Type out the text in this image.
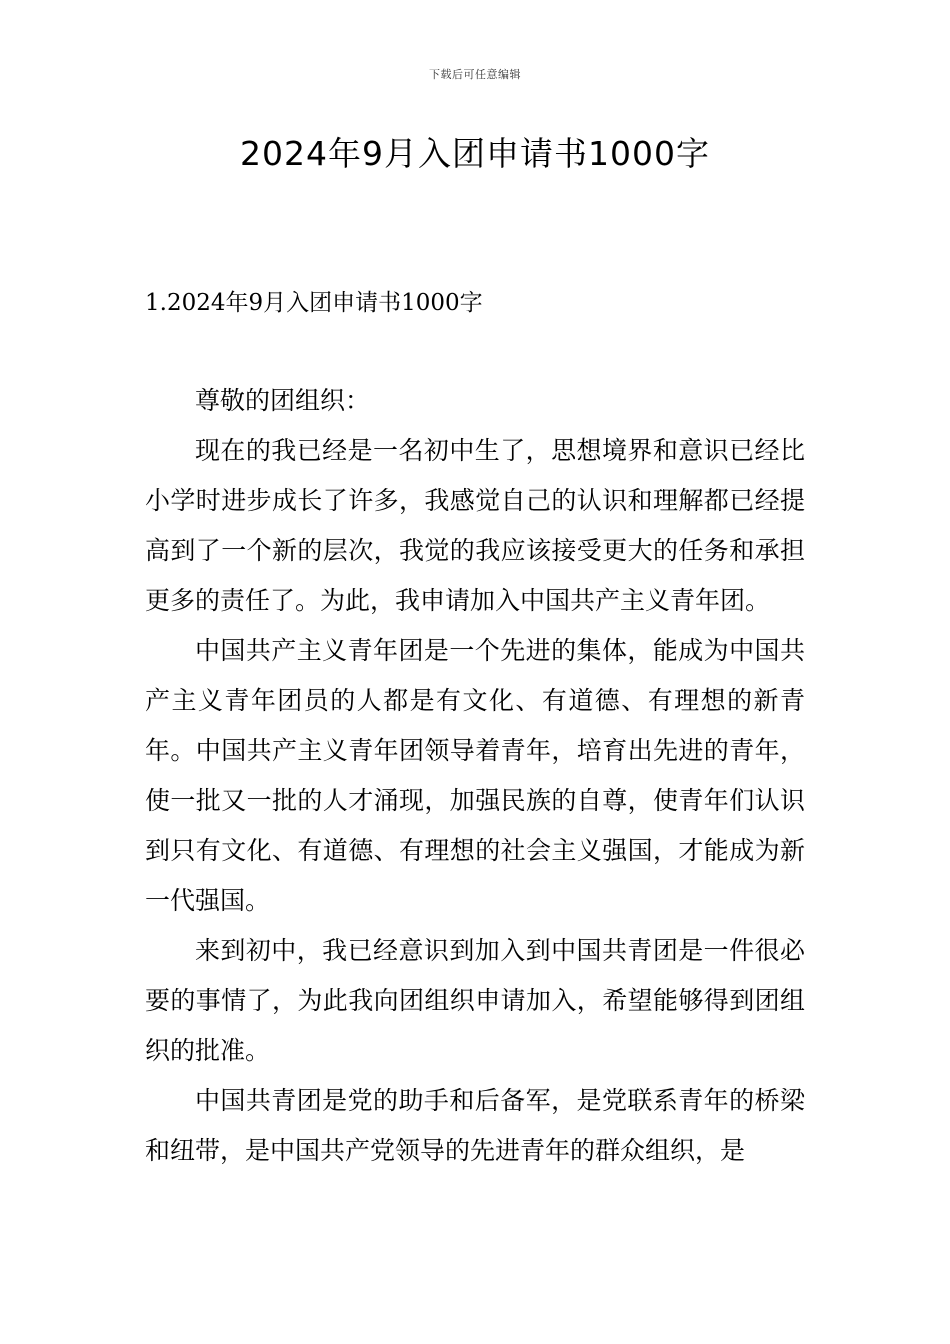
下载后可任意编辑
2024年9月入团申请书1000字
1.2024年9月入团申请书1000字
尊敬的团组织：

现在的我已经是一名初中生了，思想境界和意识已经比小学时进步成长了许多，我感觉自己的认识和理解都已经提高到了一个新的层次，我觉的我应该接受更大的任务和承担更多的责任了。为此，我申请加入中国共产主义青年团。

中国共产主义青年团是一个先进的集体，能成为中国共产主义青年团员的人都是有文化、有道德、有理想的新青年。中国共产主义青年团领导着青年，培育出先进的青年，使一批又一批的人才涌现，加强民族的自尊，使青年们认识到只有文化、有道德、有理想的社会主义强国，才能成为新一代强国。

来到初中，我已经意识到加入到中国共青团是一件很必要的事情了，为此我向团组织申请加入，希望能够得到团组织的批准。

中国共青团是党的助手和后备军，是党联系青年的桥梁和纽带，是中国共产党领导的先进青年的群众组织，是
